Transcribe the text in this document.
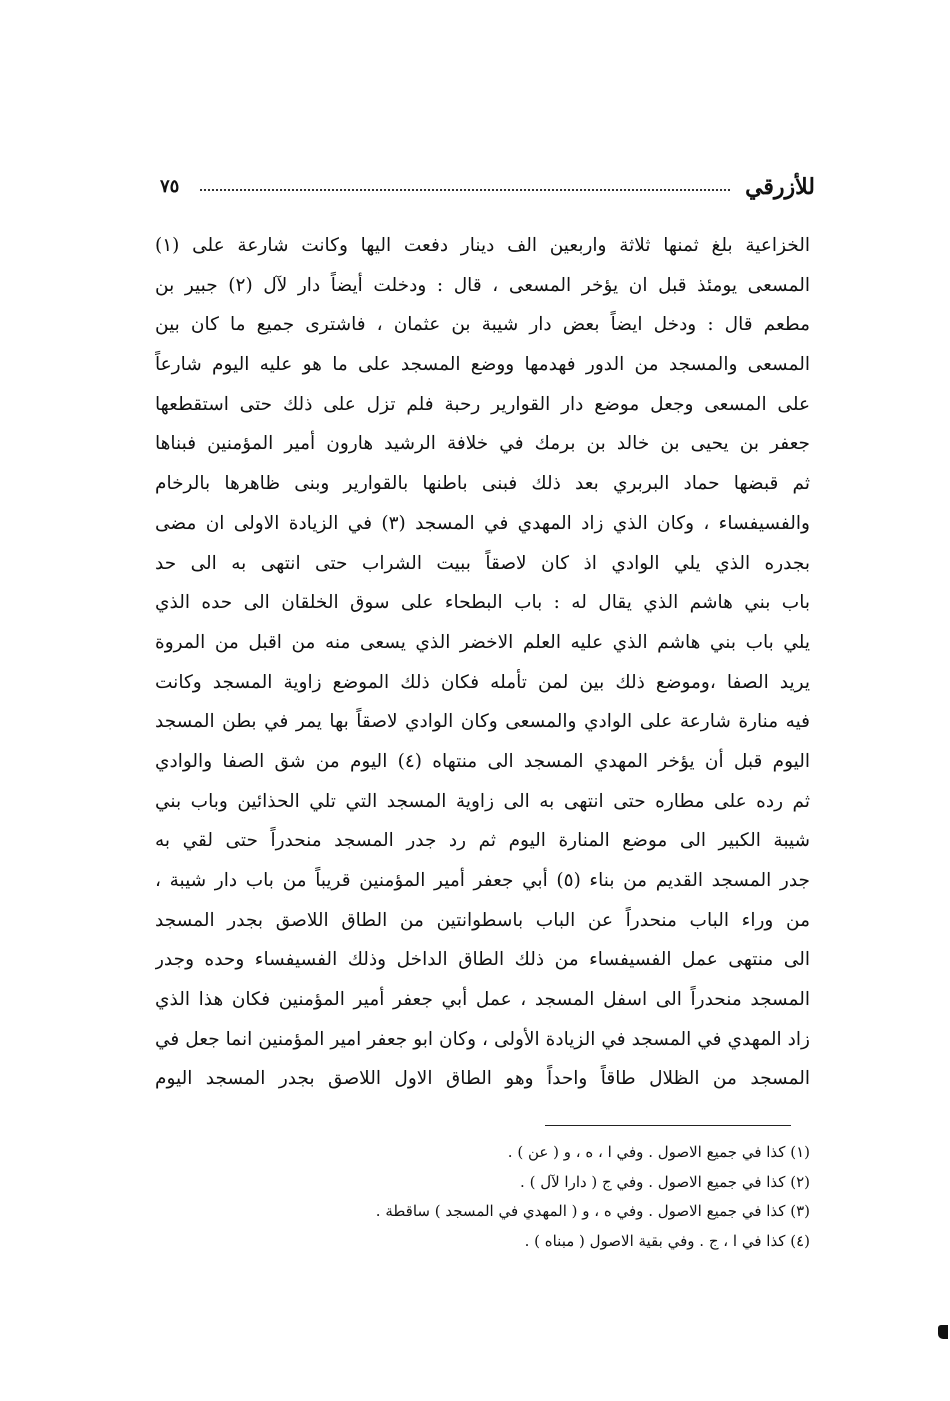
للأزرقي
٧٥
الخزاعية بلغ ثمنها ثلاثة واربعين الف دينار دفعت اليها وكانت شارعة على (١)
المسعى يومئذ قبل ان يؤخر المسعى ، قال : ودخلت أيضاً دار لآل (٢) جبير بن
مطعم قال : ودخل ايضاً بعض دار شيبة بن عثمان ، فاشترى جميع ما كان بين
المسعى والمسجد من الدور فهدمها ووضع المسجد على ما هو عليه اليوم شارعاً
على المسعى وجعل موضع دار القوارير رحبة فلم تزل على ذلك حتى استقطعها
جعفر بن يحيى بن خالد بن برمك في خلافة الرشيد هارون أمير المؤمنين فبناها
ثم قبضها حماد البربري بعد ذلك فبنى باطنها بالقوارير وبنى ظاهرها بالرخام
والفسيفساء ، وكان الذي زاد المهدي في المسجد (٣) في الزيادة الاولى ان مضى
بجدره الذي يلي الوادي اذ كان لاصقاً ببيت الشراب حتى انتهى به الى حد
باب بني هاشم الذي يقال له : باب البطحاء على سوق الخلقان الى حده الذي
يلي باب بني هاشم الذي عليه العلم الاخضر الذي يسعى منه من اقبل من المروة
يريد الصفا ،وموضع ذلك بين لمن تأمله فكان ذلك الموضع زاوية المسجد وكانت
فيه منارة شارعة على الوادي والمسعى وكان الوادي لاصقاً بها يمر في بطن المسجد
اليوم قبل أن يؤخر المهدي المسجد الى منتهاه (٤) اليوم من شق الصفا والوادي
ثم رده على مطاره حتى انتهى به الى زاوية المسجد التي تلي الحذائين وباب بني
شيبة الكبير الى موضع المنارة اليوم ثم رد جدر المسجد منحدراً حتى لقي به
جدر المسجد القديم من بناء (٥) أبي جعفر أمير المؤمنين قريباً من باب دار شيبة ،
من وراء الباب منحدراً عن الباب باسطوانتين من الطاق اللاصق بجدر المسجد
الى منتهى عمل الفسيفساء من ذلك الطاق الداخل وذلك الفسيفساء وحده وجدر
المسجد منحدراً الى اسفل المسجد ، عمل أبي جعفر أمير المؤمنين فكان هذا الذي
زاد المهدي في المسجد في الزيادة الأولى ، وكان ابو جعفر امير المؤمنين انما جعل في
المسجد من الظلال طاقاً واحداً وهو الطاق الاول اللاصق بجدر المسجد اليوم
(١) كذا في جميع الاصول . وفي ا ، ه ، و ( عن ) .
(٢) كذا في جميع الاصول . وفي ج ( دارا لآل ) .
(٣) كذا في جميع الاصول . وفي ه ، و ( المهدي في المسجد ) ساقطة .
(٤) كذا في ا ، ج . وفي بقية الاصول ( مبناه ) .
